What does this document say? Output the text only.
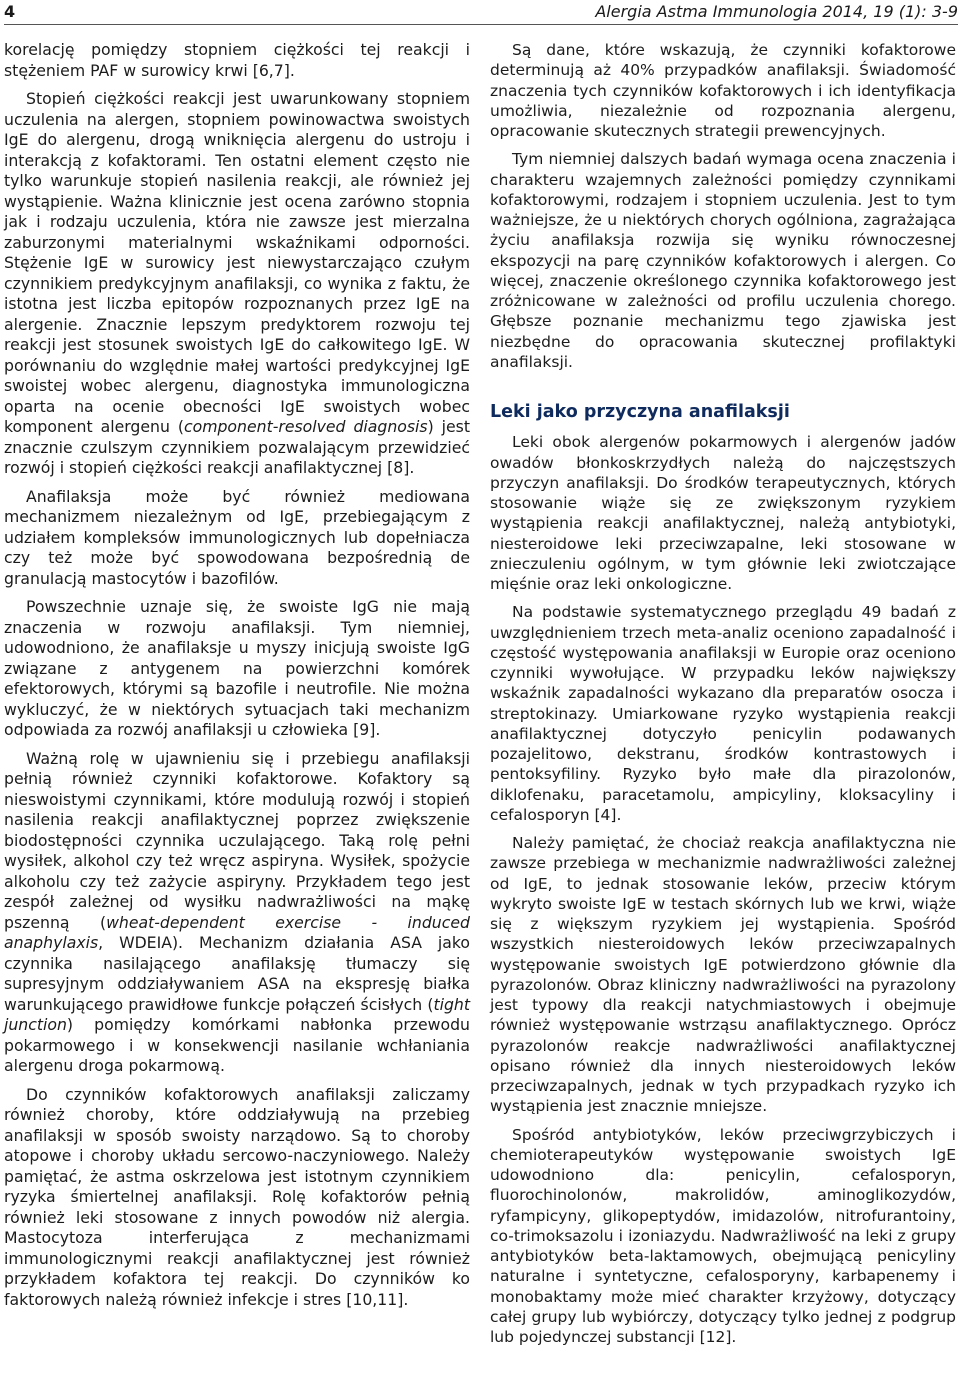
4	Alergia Astma Immunologia 2014, 19 (1): 3-9

korelację pomiędzy stopniem ciężkości tej reakcji i stężeniem PAF w surowicy krwi [6,7].

Stopień ciężkości reakcji jest uwarunkowany stopniem uczulenia na alergen, stopniem powinowactwa swoistych IgE do alergenu, drogą wniknięcia alergenu do ustroju i interakcją z kofaktorami. Ten ostatni element często nie tylko warunkuje stopień nasilenia reakcji, ale również jej wystąpienie. Ważna klinicznie jest ocena zarówno stopnia jak i rodzaju uczulenia, która nie zawsze jest mierzalna zaburzonymi materialnymi wskaźnikami odporności. Stężenie IgE w surowicy jest niewystarczająco czułym czynnikiem predykcyjnym anafilaksji, co wynika z faktu, że istotna jest liczba epitopów rozpoznanych przez IgE na alergenie. Znacznie lepszym predyktorem rozwoju tej reakcji jest stosunek swoistych IgE do całkowitego IgE. W porównaniu do względnie małej wartości predykcyjnej IgE swoistej wobec alergenu, diagnostyka immunologiczna oparta na ocenie obecności IgE swoistych wobec komponent alergenu (component-resolved diagnosis) jest znacznie czulszym czynnikiem pozwalającym przewidzieć rozwój i stopień ciężkości reakcji anafilaktycznej [8].

Anafilaksja może być również mediowana mechanizmem niezależnym od IgE, przebiegającym z udziałem kompleksów immunologicznych lub dopełniacza czy też może być spowodowana bezpośrednią de granulacją mastocytów i bazofilów.

Powszechnie uznaje się, że swoiste IgG nie mają znaczenia w rozwoju anafilaksji. Tym niemniej, udowodniono, że anafilaksje u myszy inicjują swoiste IgG związane z antygenem na powierzchni komórek efektorowych, którymi są bazofile i neutrofile. Nie można wykluczyć, że w niektórych sytuacjach taki mechanizm odpowiada za rozwój anafilaksji u człowieka [9].

Ważną rolę w ujawnieniu się i przebiegu anafilaksji pełnią również czynniki kofaktorowe. Kofaktory są nieswoistymi czynnikami, które modulują rozwój i stopień nasilenia reakcji anafilaktycznej poprzez zwiększenie biodostępności czynnika uczulającego. Taką rolę pełni wysiłek, alkohol czy też wręcz aspiryna. Wysiłek, spożycie alkoholu czy też zażycie aspiryny. Przykładem tego jest zespół zależnej od wysiłku nadwrażliwości na mąkę pszenną (wheat-dependent exercise - induced anaphylaxis, WDEIA). Mechanizm działania ASA jako czynnika nasilającego anafilaksję tłumaczy się supresyjnym oddziaływaniem ASA na ekspresję białka warunkującego prawidłowe funkcje połączeń ścisłych (tight junction) pomiędzy komórkami nabłonka przewodu pokarmowego i w konsekwencji nasilanie wchłaniania alergenu droga pokarmową.

Do czynników kofaktorowych anafilaksji zaliczamy również choroby, które oddziaływują na przebieg anafilaksji w sposób swoisty narządowo. Są to choroby atopowe i choroby układu sercowo-naczyniowego. Należy pamiętać, że astma oskrzelowa jest istotnym czynnikiem ryzyka śmiertelnej anafilaksji. Rolę kofaktorów pełnią również leki stosowane z innych powodów niż alergia. Mastocytoza interferująca z mechanizmami immunologicznymi reakcji anafilaktycznej jest również przykładem kofaktora tej reakcji. Do czynników ko faktorowych należą również infekcje i stres [10,11].

Są dane, które wskazują, że czynniki kofaktorowe determinują aż 40% przypadków anafilaksji. Świadomość znaczenia tych czynników kofaktorowych i ich identyfikacja umożliwia, niezależnie od rozpoznania alergenu, opracowanie skutecznych strategii prewencyjnych.

Tym niemniej dalszych badań wymaga ocena znaczenia i charakteru wzajemnych zależności pomiędzy czynnikami kofaktorowymi, rodzajem i stopniem uczulenia. Jest to tym ważniejsze, że u niektórych chorych ogólniona, zagrażająca życiu anafilaksja rozwija się wyniku równoczesnej ekspozycji na parę czynników kofaktorowych i alergen. Co więcej, znaczenie określonego czynnika kofaktorowego jest zróżnicowane w zależności od profilu uczulenia chorego. Głębsze poznanie mechanizmu tego zjawiska jest niezbędne do opracowania skutecznej profilaktyki anafilaksji.

Leki jako przyczyna anafilaksji

Leki obok alergenów pokarmowych i alergenów jadów owadów błonkoskrzydłych należą do najczęstszych przyczyn anafilaksji. Do środków terapeutycznych, których stosowanie wiąże się ze zwiększonym ryzykiem wystąpienia reakcji anafilaktycznej, należą antybiotyki, niesteroidowe leki przeciwzapalne, leki stosowane w znieczuleniu ogólnym, w tym głównie leki zwiotczające mięśnie oraz leki onkologiczne.

Na podstawie systematycznego przeglądu 49 badań z uwzględnieniem trzech meta-analiz oceniono zapadalność i częstość występowania anafilaksji w Europie oraz oceniono czynniki wywołujące. W przypadku leków największy wskaźnik zapadalności wykazano dla preparatów osocza i streptokinazy. Umiarkowane ryzyko wystąpienia reakcji anafilaktycznej dotyczyło penicylin podawanych pozajelitowo, dekstranu, środków kontrastowych i pentoksyfiliny. Ryzyko było małe dla pirazolonów, diklofenaku, paracetamolu, ampicyliny, kloksacyliny i cefalosporyn [4].

Należy pamiętać, że chociaż reakcja anafilaktyczna nie zawsze przebiega w mechanizmie nadwrażliwości zależnej od IgE, to jednak stosowanie leków, przeciw którym wykryto swoiste IgE w testach skórnych lub we krwi, wiąże się z większym ryzykiem jej wystąpienia. Spośród wszystkich niesteroidowych leków przeciwzapalnych występowanie swoistych IgE potwierdzono głównie dla pyrazolonów. Obraz kliniczny nadwrażliwości na pyrazolony jest typowy dla reakcji natychmiastowych i obejmuje również występowanie wstrząsu anafilaktycznego. Oprócz pyrazolonów reakcje nadwrażliwości anafilaktycznej opisano również dla innych niesteroidowych leków przeciwzapalnych, jednak w tych przypadkach ryzyko ich wystąpienia jest znacznie mniejsze.

Spośród antybiotyków, leków przeciwgrzybiczych i chemioterapeutyków występowanie swoistych IgE udowodniono dla: penicylin, cefalosporyn, fluorochinolonów, makrolidów, aminoglikozydów, ryfampicyny, glikopeptydów, imidazolów, nitrofurantoiny, co-trimoksazolu i izoniazydu. Nadwrażliwość na leki z grupy antybiotyków beta-laktamowych, obejmującą penicyliny naturalne i syntetyczne, cefalosporyny, karbapenemy i monobaktamy może mieć charakter krzyżowy, dotyczący całej grupy lub wybiórczy, dotyczący tylko jednej z podgrup lub pojedynczej substancji [12].
